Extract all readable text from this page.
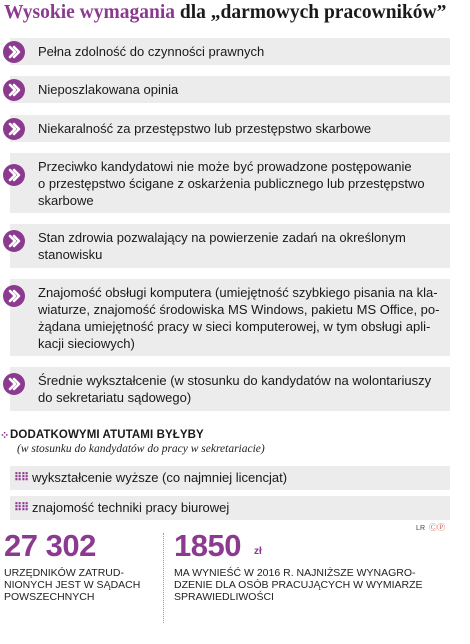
Wysokie wymagania dla „darmowych pracowników”
Pełna zdolność do czynności prawnych
Nieposzlakowana opinia
Niekaralność za przestępstwo lub przestępstwo skarbowe
Przeciwko kandydatowi nie może być prowadzone postępowanie
o przestępstwo ścigane z oskarżenia publicznego lub przestępstwo
skarbowe
Stan zdrowia pozwalający na powierzenie zadań na określonym
stanowisku
Znajomość obsługi komputera (umiejętność szybkiego pisania na kla-
wiaturze, znajomość środowiska MS Windows, pakietu MS Office, po-
żądana umiejętność pracy w sieci komputerowej, w tym obsługi apli-
kacji sieciowych)
Średnie wykształcenie (w stosunku do kandydatów na wolontariuszy
do sekretariatu sądowego)
⁘ DODATKOWYMI ATUTAMI BYŁYBY
(w stosunku do kandydatów do pracy w sekretariacie)
⠿⠿ wykształcenie wyższe (co najmniej licencjat)
⠿⠿ znajomość techniki pracy biurowej
LR ⒸⓅ
27 302
URZĘDNIKÓW ZATRUD-
NIONYCH JEST W SĄDACH
POWSZECHNYCH
1850 zł
MA WYNIEŚĆ W 2016 R. NAJNIŻSZE WYNAGRO-
DZENIE DLA OSÓB PRACUJĄCYCH W WYMIARZE
SPRAWIEDLIWOŚCI
